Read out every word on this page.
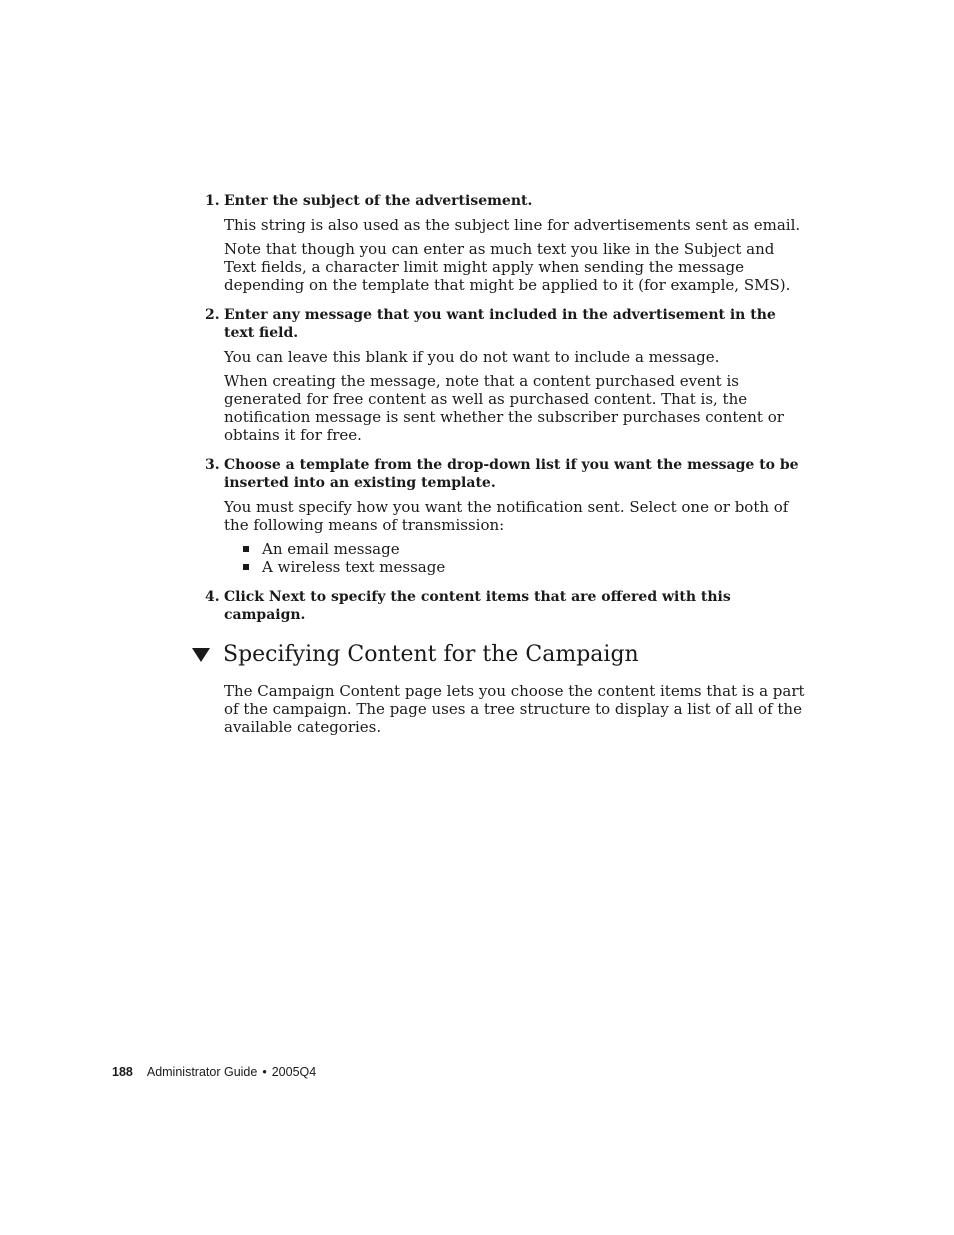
1. Enter the subject of the advertisement.

This string is also used as the subject line for advertisements sent as email.

Note that though you can enter as much text you like in the Subject and Text fields, a character limit might apply when sending the message depending on the template that might be applied to it (for example, SMS).

2. Enter any message that you want included in the advertisement in the text field.

You can leave this blank if you do not want to include a message.

When creating the message, note that a content purchased event is generated for free content as well as purchased content. That is, the notification message is sent whether the subscriber purchases content or obtains it for free.

3. Choose a template from the drop-down list if you want the message to be inserted into an existing template.

You must specify how you want the notification sent. Select one or both of the following means of transmission:

An email message
A wireless text message
4. Click Next to specify the content items that are offered with this campaign.
Specifying Content for the Campaign

The Campaign Content page lets you choose the content items that is a part of the campaign. The page uses a tree structure to display a list of all of the available categories.

188 Administrator Guide • 2005Q4
